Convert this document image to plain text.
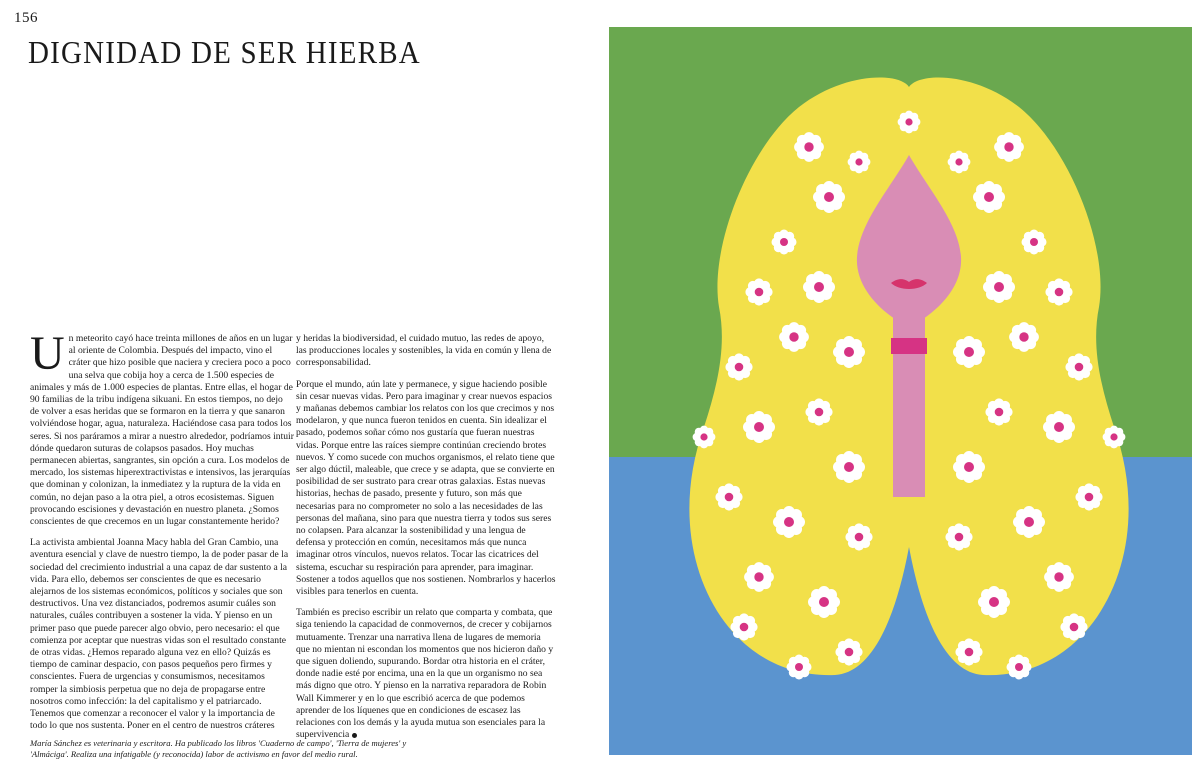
156
DIGNIDAD DE SER HIERBA

Un meteorito cayó hace treinta millones de años en un lugar al oriente de Colombia. Después del impacto, vino el cráter que hizo posible que naciera y creciera poco a poco una selva que cobija hoy a cerca de 1.500 especies de animales y más de 1.000 especies de plantas. Entre ellas, el hogar de 90 familias de la tribu indígena sikuani. En estos tiempos, no dejo de volver a esas heridas que se formaron en la tierra y que sanaron volviéndose hogar, agua, naturaleza. Haciéndose casa para todos los seres. Si nos paráramos a mirar a nuestro alrededor, podríamos intuir dónde quedaron suturas de colapsos pasados. Hoy muchas permanecen abiertas, sangrantes, sin opción a cura. Los modelos de mercado, los sistemas hiperextractivistas e intensivos, las jerarquías que dominan y colonizan, la inmediatez y la ruptura de la vida en común, no dejan paso a la otra piel, a otros ecosistemas. Siguen provocando escisiones y devastación en nuestro planeta. ¿Somos conscientes de que crecemos en un lugar constantemente herido?

La activista ambiental Joanna Macy habla del Gran Cambio, una aventura esencial y clave de nuestro tiempo, la de poder pasar de la sociedad del crecimiento industrial a una capaz de dar sustento a la vida. Para ello, debemos ser conscientes de que es necesario alejarnos de los sistemas económicos, políticos y sociales que son destructivos. Una vez distanciados, podremos asumir cuáles son naturales, cuáles contribuyen a sostener la vida. Y pienso en un primer paso que puede parecer algo obvio, pero necesario: el que comienza por aceptar que nuestras vidas son el resultado constante de otras vidas. ¿Hemos reparado alguna vez en ello? Quizás es tiempo de caminar despacio, con pasos pequeños pero firmes y conscientes. Fuera de urgencias y consumismos, necesitamos romper la simbiosis perpetua que no deja de propagarse entre nosotros como infección: la del capitalismo y el patriarcado. Tenemos que comenzar a reconocer el valor y la importancia de todo lo que nos sustenta. Poner en el centro de nuestros cráteres

y heridas la biodiversidad, el cuidado mutuo, las redes de apoyo, las producciones locales y sostenibles, la vida en común y llena de corresponsabilidad.

Porque el mundo, aún late y permanece, y sigue haciendo posible sin cesar nuevas vidas. Pero para imaginar y crear nuevos espacios y mañanas debemos cambiar los relatos con los que crecimos y nos modelaron, y que nunca fueron tenidos en cuenta. Sin idealizar el pasado, podemos soñar cómo nos gustaría que fueran nuestras vidas. Porque entre las raíces siempre continúan creciendo brotes nuevos. Y como sucede con muchos organismos, el relato tiene que ser algo dúctil, maleable, que crece y se adapta, que se convierte en posibilidad de ser sustrato para crear otras galaxias. Estas nuevas historias, hechas de pasado, presente y futuro, son más que necesarias para no comprometer no solo a las necesidades de las personas del mañana, sino para que nuestra tierra y todos sus seres no colapsen. Para alcanzar la sostenibilidad y una lengua de defensa y protección en común, necesitamos más que nunca imaginar otros vínculos, nuevos relatos. Tocar las cicatrices del sistema, escuchar su respiración para aprender, para imaginar. Sostener a todos aquellos que nos sostienen. Nombrarlos y hacerlos visibles para tenerlos en cuenta.

También es preciso escribir un relato que comparta y combata, que siga teniendo la capacidad de conmovernos, de crecer y cobijarnos mutuamente. Trenzar una narrativa llena de lugares de memoria que no mientan ni escondan los momentos que nos hicieron daño y que siguen doliendo, supurando. Bordar otra historia en el cráter, donde nadie esté por encima, una en la que un organismo no sea más digno que otro. Y pienso en la narrativa reparadora de Robin Wall Kimmerer y en lo que escribió acerca de que podemos aprender de los líquenes que en condiciones de escasez las relaciones con los demás y la ayuda mutua son esenciales para la supervivencia

María Sánchez es veterinaria y escritora. Ha publicado los libros 'Cuaderno de campo', 'Tierra de mujeres' y 'Almáciga'. Realiza una infatigable (y reconocida) labor de activismo en favor del medio rural.
